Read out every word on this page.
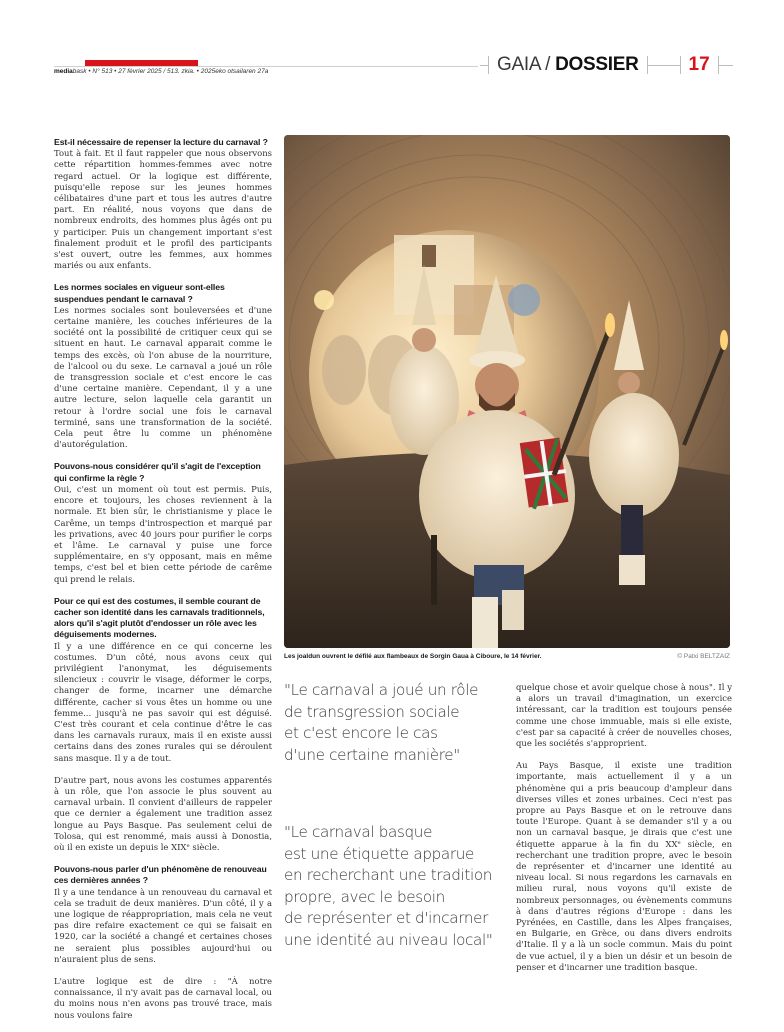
mediabask • N° 513 • 27 février 2025 / 513. zkia. • 2025eko otsailaren 27a	GAIA / DOSSIER	17
Est-il nécessaire de repenser la lecture du carnaval ?

Tout à fait. Et il faut rappeler que nous observons cette répartition hommes-femmes avec notre regard actuel. Or la logique est différente, puisqu'elle repose sur les jeunes hommes célibataires d'une part et tous les autres d'autre part. En réalité, nous voyons que dans de nombreux endroits, des hommes plus âgés ont pu y participer. Puis un changement important s'est finalement produit et le profil des participants s'est ouvert, outre les femmes, aux hommes mariés ou aux enfants.

Les normes sociales en vigueur sont-elles suspendues pendant le carnaval ?

Les normes sociales sont bouleversées et d'une certaine manière, les couches inférieures de la société ont la possibilité de critiquer ceux qui se situent en haut. Le carnaval apparait comme le temps des excès, où l'on abuse de la nourriture, de l'alcool ou du sexe. Le carnaval a joué un rôle de transgression sociale et c'est encore le cas d'une certaine manière. Cependant, il y a une autre lecture, selon laquelle cela garantit un retour à l'ordre social une fois le carnaval terminé, sans une transformation de la société. Cela peut être lu comme un phénomène d'autorégulation.

Pouvons-nous considérer qu'il s'agit de l'exception qui confirme la règle ?

Oui, c'est un moment où tout est permis. Puis, encore et toujours, les choses reviennent à la normale. Et bien sûr, le christianisme y place le Carême, un temps d'introspection et marqué par les privations, avec 40 jours pour purifier le corps et l'âme. Le carnaval y puise une force supplémentaire, en s'y opposant, mais en même temps, c'est bel et bien cette période de carême qui prend le relais.

Pour ce qui est des costumes, il semble courant de cacher son identité dans les carnavals traditionnels, alors qu'il s'agit plutôt d'endosser un rôle avec les déguisements modernes.

Il y a une différence en ce qui concerne les costumes. D'un côté, nous avons ceux qui privilégient l'anonymat, les déguisements silencieux : couvrir le visage, déformer le corps, changer de forme, incarner une démarche différente, cacher si vous êtes un homme ou une femme... jusqu'à ne pas savoir qui est déguisé. C'est très courant et cela continue d'être le cas dans les carnavals ruraux, mais il en existe aussi certains dans des zones rurales qui se déroulent sans masque. Il y a de tout.

D'autre part, nous avons les costumes apparentés à un rôle, que l'on associe le plus souvent au carnaval urbain. Il convient d'ailleurs de rappeler que ce dernier a également une tradition assez longue au Pays Basque. Pas seulement celui de Tolosa, qui est renommé, mais aussi à Donostia, où il en existe un depuis le XIXᵉ siècle.

Pouvons-nous parler d'un phénomène de renouveau ces dernières années ?

Il y a une tendance à un renouveau du carnaval et cela se traduit de deux manières. D'un côté, il y a une logique de réappropriation, mais cela ne veut pas dire refaire exactement ce qui se faisait en 1920, car la société a changé et certaines choses ne seraient plus possibles aujourd'hui ou n'auraient plus de sens.

L'autre logique est de dire : "À notre connaissance, il n'y avait pas de carnaval local, ou du moins nous n'en avons pas trouvé trace, mais nous voulons faire

Les joaldun ouvrent le défilé aux flambeaux de Sorgin Gaua à Ciboure, le 14 février.	© Patxi BELTZAIZ
"Le carnaval a joué un rôle
de transgression sociale
et c'est encore le cas
d'une certaine manière"
"Le carnaval basque
est une étiquette apparue
en recherchant une tradition
propre, avec le besoin
de représenter et d'incarner
une identité au niveau local"

quelque chose et avoir quelque chose à nous". Il y a alors un travail d'imagination, un exercice intéressant, car la tradition est toujours pensée comme une chose immuable, mais si elle existe, c'est par sa capacité à créer de nouvelles choses, que les sociétés s'approprient.

Au Pays Basque, il existe une tradition importante, mais actuellement il y a un phénomène qui a pris beaucoup d'ampleur dans diverses villes et zones urbaines. Ceci n'est pas propre au Pays Basque et on le retrouve dans toute l'Europe. Quant à se demander s'il y a ou non un carnaval basque, je dirais que c'est une étiquette apparue à la fin du XXᵉ siècle, en recherchant une tradition propre, avec le besoin de représenter et d'incarner une identité au niveau local. Si nous regardons les carnavals en milieu rural, nous voyons qu'il existe de nombreux personnages, ou évènements communs à dans d'autres régions d'Europe : dans les Pyrénées, en Castille, dans les Alpes françaises, en Bulgarie, en Grèce, ou dans divers endroits d'Italie. Il y a là un socle commun. Mais du point de vue actuel, il y a bien un désir et un besoin de penser et d'incarner une tradition basque.
